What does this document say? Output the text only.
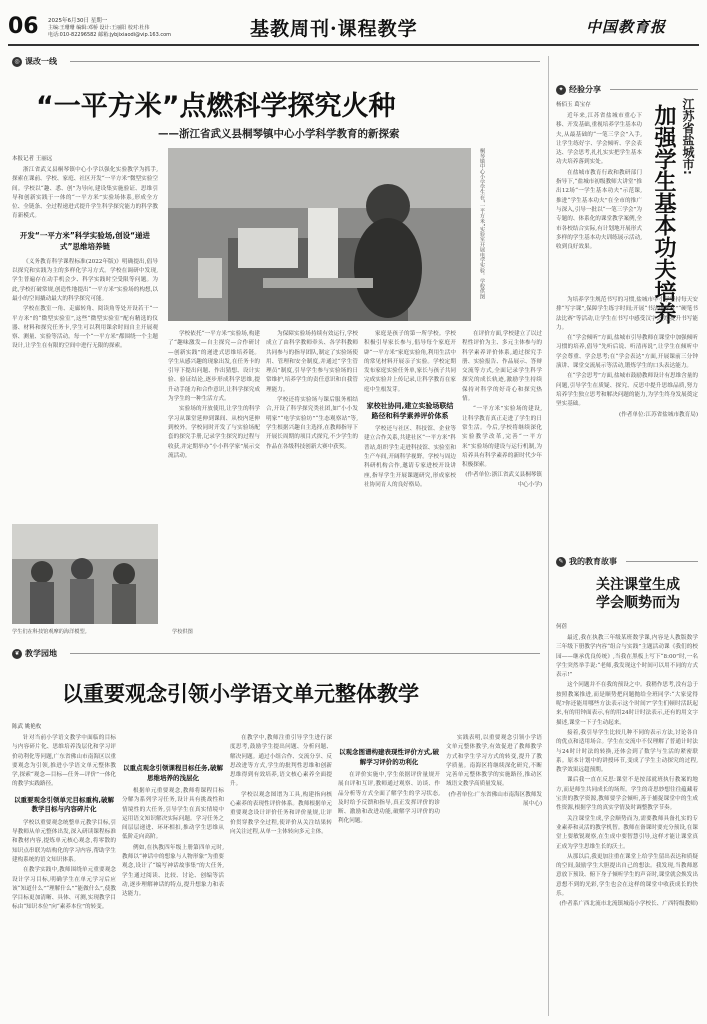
06 2025年6月30日 星期一
主编:王珊珊 编辑:邓桥 设计:王丽阳 校对:杜伟
电话:010-82296582 邮箱:jybjixiaodi@vip.163.com	基教周刊·课程教学	中国教育报
◎ 课改一线
“一平方米”点燃科学探究火种
——浙江省武义县桐琴镇中心小学科学教育的新探索
本报记者 王丽远	桐琴镇中心小学学生在“一平方米”实验室开展电学实验。学校供图
学生们在科技馆观摩的海洋模型。	学校供图

浙江省武义县桐琴镇中心小学以强化实验教学为抓手,探索在课前、学校、家庭、社区开发“一平方米”微型实验空间。学校以“趣、悉、创”为导向,建设集实施验证、思维引导和创新实践于一体的“一平方米”实验场体系,形成全方位、全链条、全过程递进式提升学生科学探究能力的科学教育新模式。

开发“一平方米”科学实验场,创设“递进式”思维培养链

《义务教育科学课程标准(2022年版)》明确提出,倡导以探究和实践为主的多样化学习方式。学校在调研中发现,学生普遍存在动手机会少、科学实践时空受限等问题。为此,学校打破常规,创造性地提出“一平方米”实验场的构想,以最小的空间撬动最大的科学探究可能。

学校在教室一角、走廊转角、阅读角等处开设若干“一平方米”的“微型实验室”,这些“微型实验室”配有精选的仪器、材料和探究任务卡,学生可以利用课余时间自主开展观察、测量、实验等活动。每一个“一平方米”都围绕一个主题设计,让学生在有限的空间中进行无限的探索。

学校依托“一平方米”实验场,构建了“趣味激发—自主探究—合作研讨—创新实践”的递进式思维培养链。学生从感兴趣的现象出发,在任务卡的引导下提出问题、作出猜想、设计实验、验证结论,逐步形成科学思维,提升动手能力和合作意识,让科学探究成为学生的一种生活方式。

实验场的开放使用,让学生的科学学习从课堂延伸到课间、从校内延伸到校外。学校同时开发了与实验场配套的探究手册,记录学生探究的过程与收获,并定期举办“小小科学家”展示交流活动。

为保障实验场持续有效运行,学校成立了由科学教师牵头、各学科教师共同参与的指导团队,制定了实验场使用、管理和安全制度,并通过“学生管理员”制度,引导学生参与实验场的日常维护,培养学生的责任意识和自我管理能力。

学校还将实验场与课后服务相结合,开设了科学探究类社团,如“小小发明家”“电学实验坊”“生态观察站”等,学生根据兴趣自主选择,在教师指导下开展长周期的项目式探究,不少学生的作品在各级科技创新大赛中获奖。

家庭是孩子的第一所学校。学校积极引导家长参与,倡导每个家庭开辟“一平方米”家庭实验角,利用生活中的常见材料开展亲子实验。学校定期发布家庭实验任务单,家长与孩子共同完成实验并上传记录,让科学教育在家庭中生根发芽。

家校社协同,建立实验场联结路径和科学素养评价体系

学校还与社区、科技馆、企业等建立合作关系,共建社区“一平方米”科普站,组织学生走进科技馆、实验室和生产车间,开阔科学视野。学校与周边科研机构合作,邀请专家进校开设讲座,指导学生开展课题研究,形成家校社协同育人的良好格局。

在评价方面,学校建立了以过程性评价为主、多元主体参与的科学素养评价体系,通过探究手册、实验报告、作品展示、答辩交流等方式,全面记录学生科学探究的成长轨迹,激励学生持续保持对科学的好奇心和探究热情。

“一平方米”实验场的建设,让科学教育真正走进了学生的日常生活。今后,学校将继续深化实验教学改革,完善“一平方米”实验场的建设与运行机制,为培养具有科学素养的新时代少年积极探索。

(作者单位:浙江省武义县桐琴镇中心小学)

✦ 经验分享
杨佰玉 葛宝存	江苏省盐城市:
加强学生基本功夫培养

近年来,江苏省盐城市重心下移、开发基础,重视培养学生基本功夫,从最基础的“一笔三学会”入手,让学生练好字、学会倾听、学会表达、学会思考,扎扎实实把学生基本功夫培养落到实处。

在盐城市教育行政和教研部门指导下,“盐城市初级教师大讲堂”推出12场“一学生基本功夫”示范课,推进“学生基本功夫”在全市的推广与深入,引导一批以“一笔三学会”为专题的、体系化的课堂教学案例,全市各校结合实际,有计划地开展形式多样的学生基本功夫训练展示活动,收到良好效果。

为培养学生规范书写的习惯,盐城市中小学坚持每天安排“写字课”,保障学生练字时间;开展“书法进课堂”“硬笔书法比赛”等活动,让学生在书写中感受汉字之美,提升书写能力。

在“学会倾听”方面,盐城市引导教师在课堂中加强倾听习惯的培养,倡导“先听后说、听清再说”,让学生在倾听中学会尊重、学会思考;在“学会表达”方面,开展课前三分钟演讲、课堂交流展示等活动,锻炼学生的口头表达能力。

在“学会思考”方面,盐城市鼓励教师设计有思维含量的问题,引导学生在质疑、探究、反思中提升思维品质,努力培养学生独立思考和解决问题的能力,为学生终身发展奠定坚实基础。

(作者单位:江苏省盐城市教育局)

✎ 我的教育故事
关注课堂生成 学会顺势而为
何蓓

最近,我在执教三年级某班数学课,内容是人教版数学三年级下册教学内容“组合与实践”主题活动课《我们的校园——继承优良传统》,当我在黑板上写下“8:00”时,一名学生突然举手说:“老师,我发现这个时间可以用不同的方式表示!”

这个问题并不在我的预设之中。我稍作思考,没有急于按照教案推进,而是顺势把问题抛给全班同学:“大家觉得呢?你还能用哪些方法表示这个时间?”学生们顿时活跃起来,有的用钟面表示,有的用24时计时法表示,还有的用文字描述,课堂一下子生动起来。

接着,我引导学生比较几种不同的表示方法,讨论各自的优点和适用场合。学生在交流中不仅理解了普通计时法与24时计时法的转换,还体会到了数学与生活的紧密联系。原本计划中的讲授环节,变成了学生主动探究的过程,教学效果远超预期。

课后我一直在反思:课堂不是按部就班执行教案的地方,而是师生共同成长的场所。学生的奇思妙想往往蕴藏着宝贵的教学资源,教师要学会倾听,善于捕捉课堂中的生成性资源,根据学生的真实学情及时调整教学节奏。

关注课堂生成,学会顺势而为,需要教师具备扎实的专业素养和灵活的教学机智。教师在备课时要充分预设,在课堂上要敏锐观察,在生成中要智慧引导,这样才能让课堂真正成为学生思维生长的沃土。

从那以后,我更加注重在课堂上给学生留出表达和质疑的空间,鼓励学生大胆提出自己的想法。我发现,当教师愿意放下预设、俯下身子倾听学生的声音时,课堂就会焕发出意想不到的光彩,学生也会在这样的课堂中收获成长的快乐。

(作者系广西北流市北流镇城南小学校长、广西特级教师)

❦ 教学园地
以重要观念引领小学语文单元整体教学
陈武 姚艳枚

针对当前小学语文教学中面临的目标与内容碎片化、思维培养浅层化和学习评价功利化等问题,广东省佛山市南海区以重要观念为引领,推进小学语文单元整体教学,探索“观念—目标—任务—评价”一体化的教学实践路径。

以重要观念引领单元目标重构,破解教学目标与内容碎片化

学校以重要观念统整单元教学目标,引导教师从单元整体出发,深入研读课程标准和教材内容,提炼单元核心观念,将零散的知识点串联为结构化的学习内容,帮助学生建构系统的语文知识体系。

在教学实践中,教师围绕单元重要观念设计学习目标,明确学生在单元学习后应该“知道什么”“理解什么”“能做什么”,使教学目标更加清晰、具体、可测,实现教学目标由“知识本位”向“素养本位”的转变。

以重点观念引领课程目标任务,破解思维培养的浅层化

根据单元重要观念,教师将课程目标分解为系列学习任务,设计具有挑战性和情境性的大任务,引导学生在真实情境中运用语文知识解决实际问题。学习任务之间层层递进、环环相扣,推动学生思维从低阶走向高阶。

例如,在执教四年级上册第四单元时,教师以“神话中的想象与人物形象”为重要观念,设计了“编写神话故事集”的大任务,学生通过阅读、比较、讨论、创编等活动,逐步理解神话的特点,提升想象力和表达能力。

在教学中,教师注重引导学生进行深度思考,鼓励学生提出问题、分析问题、解决问题。通过小组合作、交流分享、反思改进等方式,学生的批判性思维和创新思维得到有效培养,语文核心素养全面提升。

学校以观念图谱为工具,构建指向核心素养的表现性评价体系。教师根据单元重要观念设计评价任务和评价量规,让评价贯穿教学全过程,使评价从关注结果转向关注过程,从单一主体转向多元主体。

以观念图谱构建表现性评价方式,破解学习评价的功利化

在评价实施中,学生依据评价量规开展自评和互评,教师通过观察、访谈、作品分析等方式全面了解学生的学习状态,及时给予反馈和指导,真正发挥评价的诊断、激励和改进功能,破解学习评价的功利化问题。

实践表明,以重要观念引领小学语文单元整体教学,有效促进了教师教学方式和学生学习方式的转变,提升了教学质量。南海区将继续深化研究,不断完善单元整体教学的实施路径,推动区域语文教学高质量发展。

(作者单位:广东省佛山市南海区教师发展中心)
